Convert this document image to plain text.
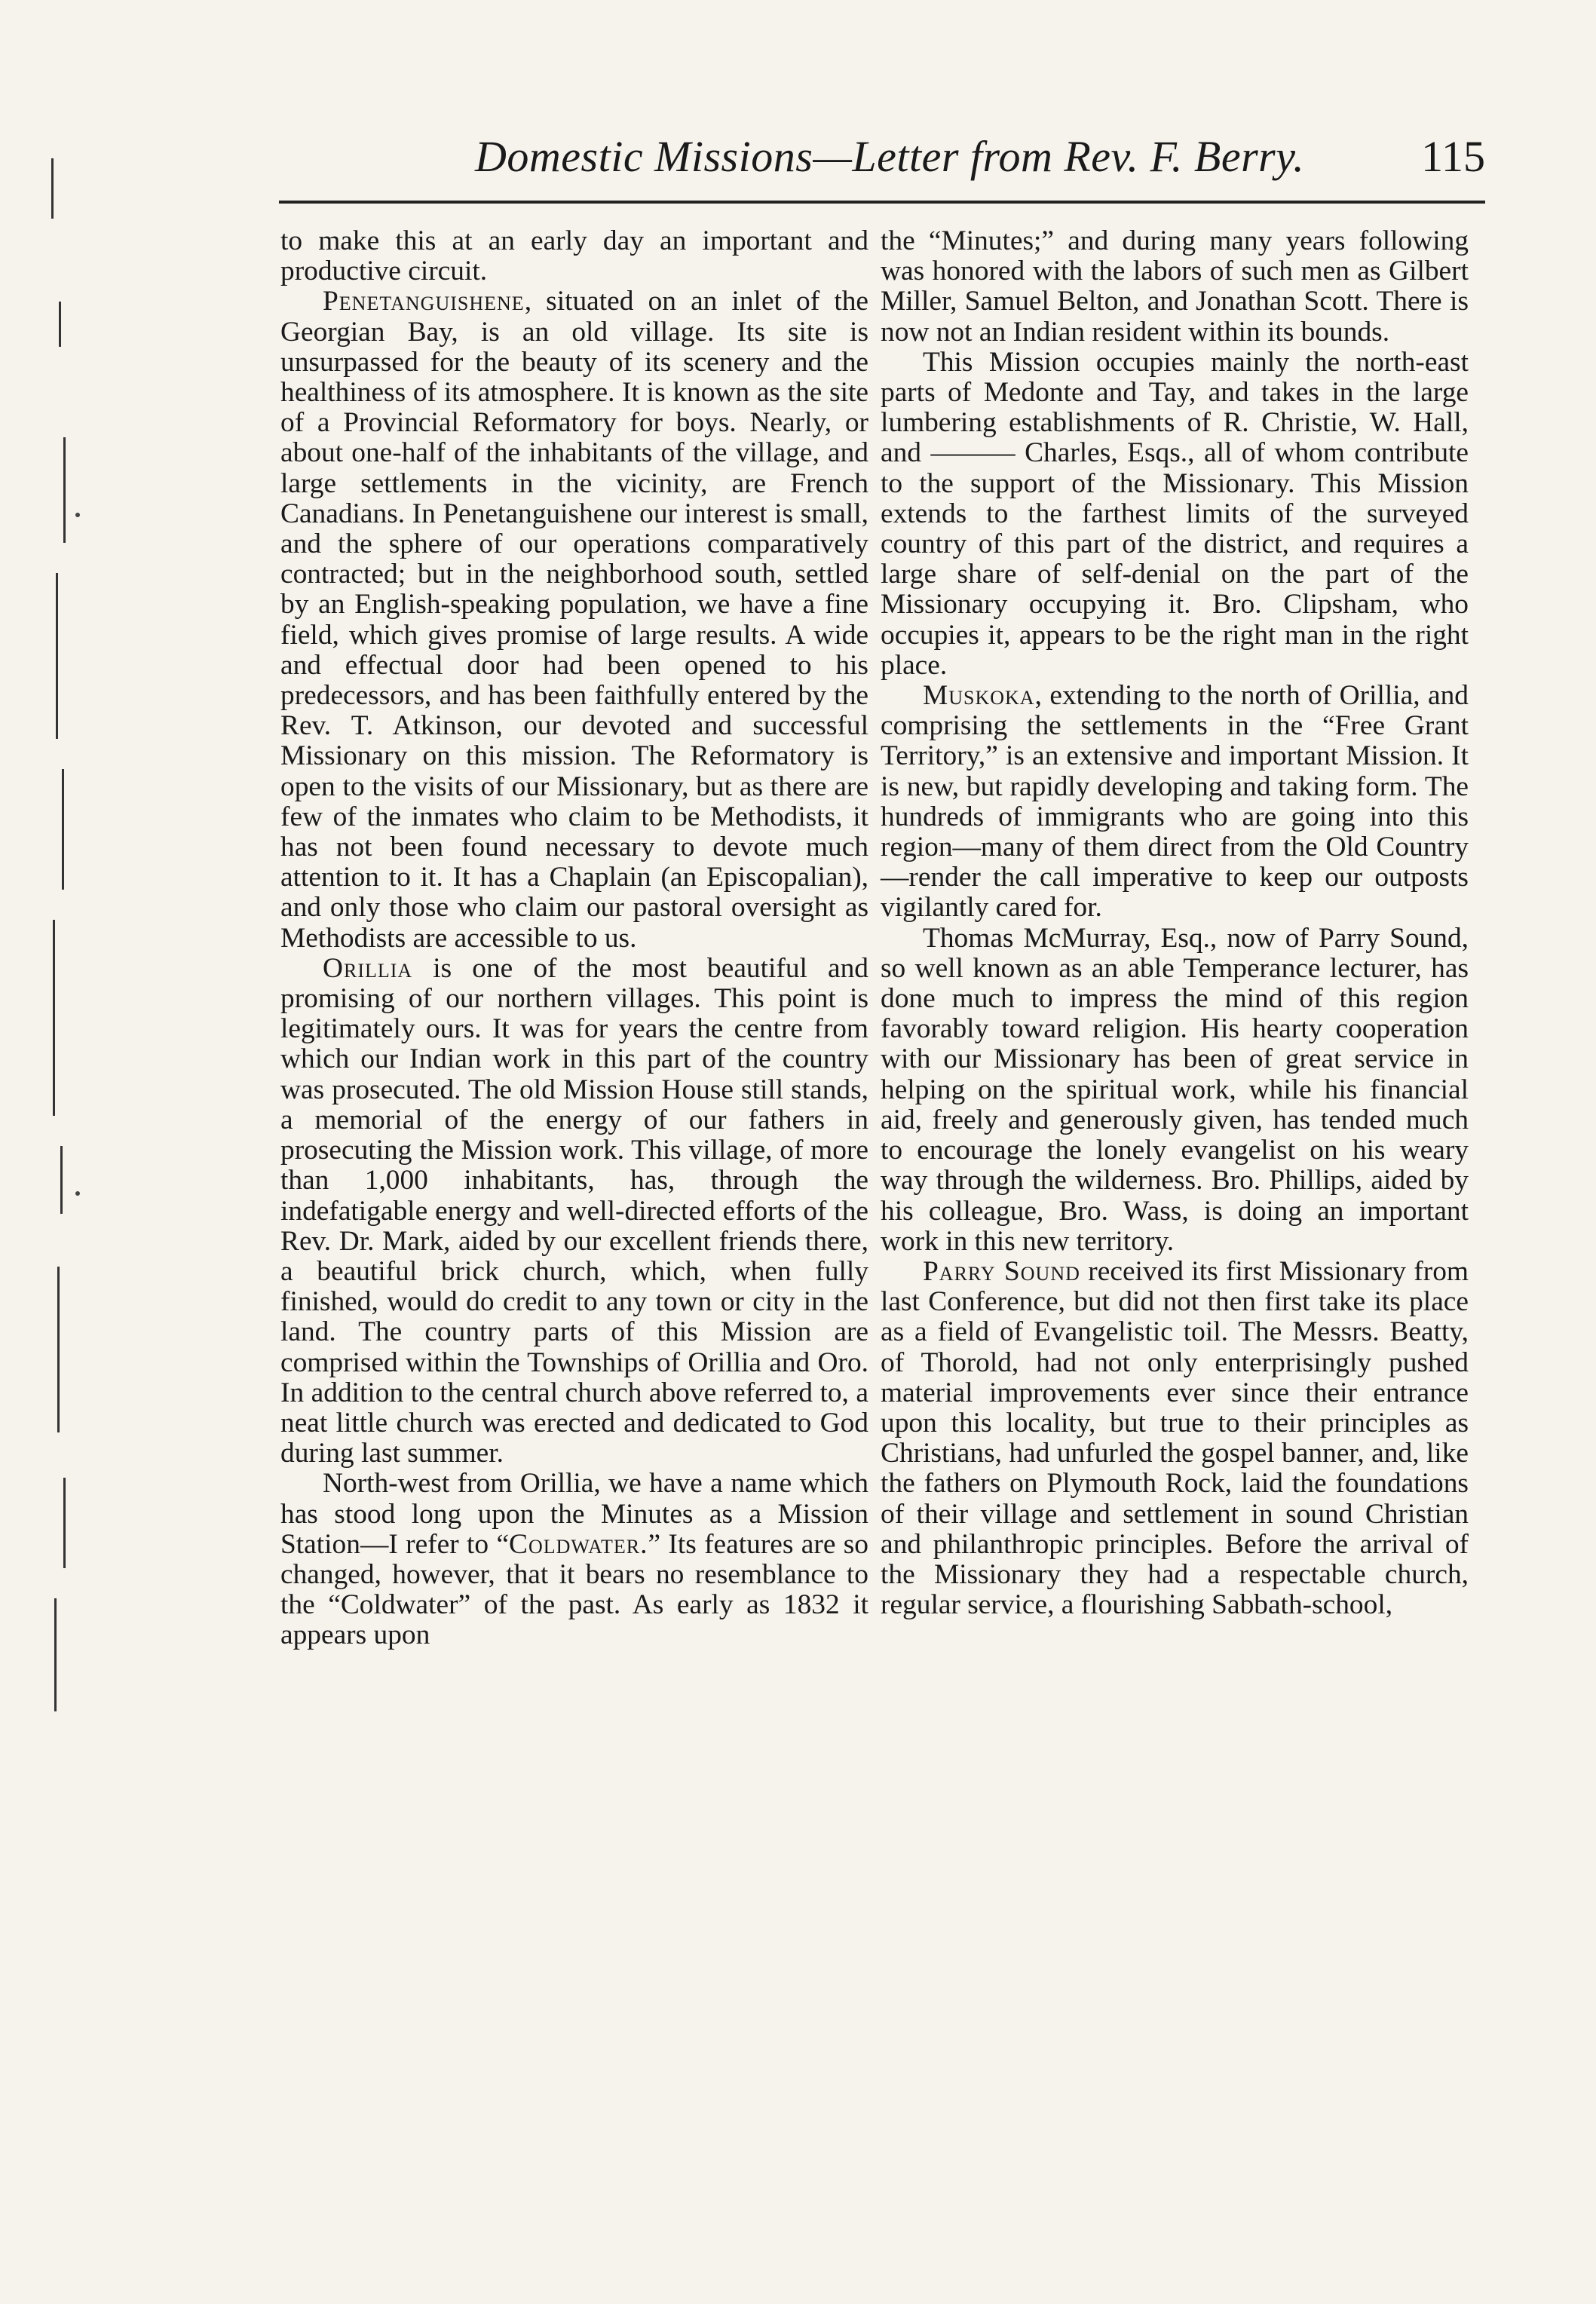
Domestic Missions—Letter from Rev. F. Berry.	115

to make this at an early day an important and productive circuit.

Penetanguishene, situated on an inlet of the Georgian Bay, is an old village. Its site is unsurpassed for the beauty of its scenery and the healthiness of its atmosphere. It is known as the site of a Provincial Reformatory for boys. Nearly, or about one-half of the inhabitants of the village, and large settlements in the vicinity, are French Canadians. In Penetanguishene our interest is small, and the sphere of our operations comparatively contracted; but in the neighborhood south, settled by an English-speaking population, we have a fine field, which gives promise of large results. A wide and effectual door had been opened to his predecessors, and has been faithfully entered by the Rev. T. Atkinson, our devoted and successful Missionary on this mission. The Reformatory is open to the visits of our Missionary, but as there are few of the inmates who claim to be Methodists, it has not been found necessary to devote much attention to it. It has a Chaplain (an Episcopalian), and only those who claim our pastoral oversight as Methodists are accessible to us.

Orillia is one of the most beautiful and promising of our northern villages. This point is legitimately ours. It was for years the centre from which our Indian work in this part of the country was prosecuted. The old Mission House still stands, a memorial of the energy of our fathers in prosecuting the Mission work. This village, of more than 1,000 inhabitants, has, through the indefatigable energy and well-directed efforts of the Rev. Dr. Mark, aided by our excellent friends there, a beautiful brick church, which, when fully finished, would do credit to any town or city in the land. The country parts of this Mission are comprised within the Townships of Orillia and Oro. In addition to the central church above referred to, a neat little church was erected and dedicated to God during last summer.

North-west from Orillia, we have a name which has stood long upon the Minutes as a Mission Station—I refer to “Coldwater.” Its features are so changed, however, that it bears no resemblance to the “Coldwater” of the past. As early as 1832 it appears upon

the “Minutes;” and during many years following was honored with the labors of such men as Gilbert Miller, Samuel Belton, and Jonathan Scott. There is now not an Indian resident within its bounds.

This Mission occupies mainly the north-east parts of Medonte and Tay, and takes in the large lumbering establishments of R. Christie, W. Hall, and ——— Charles, Esqs., all of whom contribute to the support of the Missionary. This Mission extends to the farthest limits of the surveyed country of this part of the district, and requires a large share of self-denial on the part of the Missionary occupying it. Bro. Clipsham, who occupies it, appears to be the right man in the right place.

Muskoka, extending to the north of Orillia, and comprising the settlements in the “Free Grant Territory,” is an extensive and important Mission. It is new, but rapidly developing and taking form. The hundreds of immigrants who are going into this region—many of them direct from the Old Country—render the call imperative to keep our outposts vigilantly cared for.

Thomas McMurray, Esq., now of Parry Sound, so well known as an able Temperance lecturer, has done much to impress the mind of this region favorably toward religion. His hearty cooperation with our Missionary has been of great service in helping on the spiritual work, while his financial aid, freely and generously given, has tended much to encourage the lonely evangelist on his weary way through the wilderness. Bro. Phillips, aided by his colleague, Bro. Wass, is doing an important work in this new territory.

Parry Sound received its first Missionary from last Conference, but did not then first take its place as a field of Evangelistic toil. The Messrs. Beatty, of Thorold, had not only enterprisingly pushed material improvements ever since their entrance upon this locality, but true to their principles as Christians, had unfurled the gospel banner, and, like the fathers on Plymouth Rock, laid the foundations of their village and settlement in sound Christian and philanthropic principles. Before the arrival of the Missionary they had a respectable church, regular service, a flourishing Sabbath-school,
